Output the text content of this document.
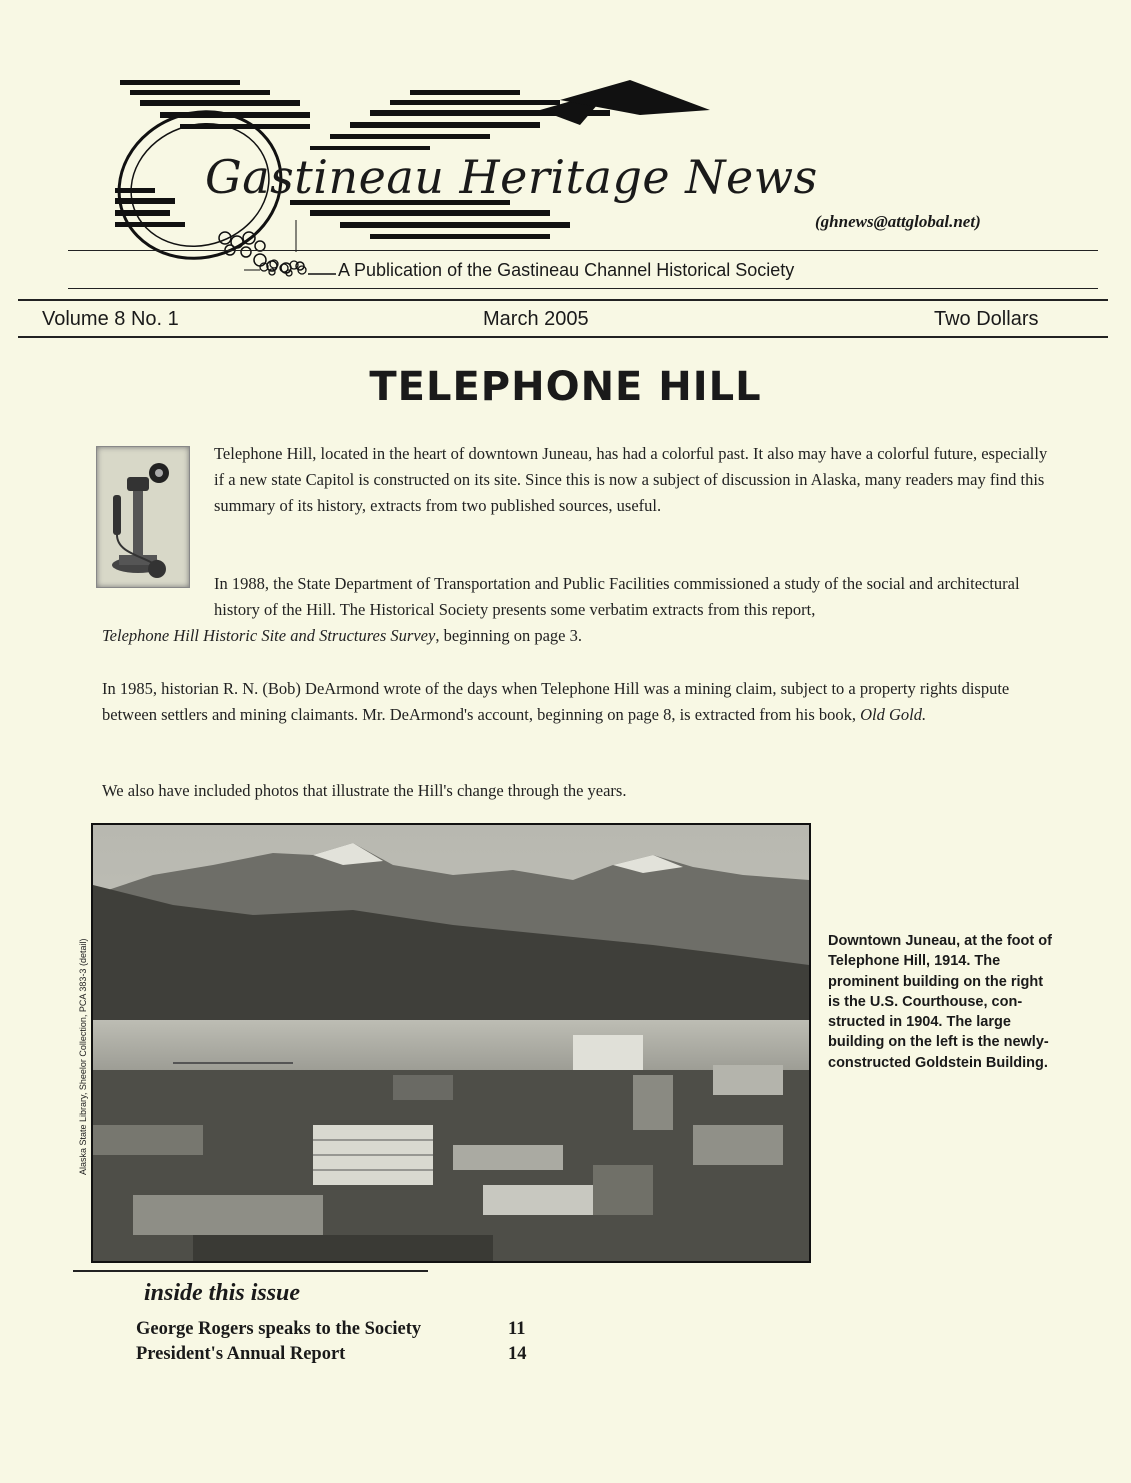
Gastineau Heritage News
(ghnews@attglobal.net)
A Publication of the Gastineau Channel Historical Society
Volume 8 No. 1	March 2005	Two Dollars
TELEPHONE HILL
Telephone Hill, located in the heart of downtown Juneau, has had a colorful past. It also may have a colorful future, especially if a new state Capitol is constructed on its site. Since this is now a subject of discussion in Alaska, many readers may find this summary of its history, extracts from two published sources, useful.
In 1988, the State Department of Transportation and Public Facilities commissioned a study of the social and architectural history of the Hill. The Historical Society presents some verbatim extracts from this report,
Telephone Hill Historic Site and Structures Survey, beginning on page 3.
In 1985, historian R. N. (Bob) DeArmond wrote of the days when Telephone Hill was a mining claim, subject to a property rights dispute between settlers and mining claimants. Mr. DeArmond's account, beginning on page 8, is extracted from his book, Old Gold.
We also have included photos that illustrate the Hill's change through the years.
Alaska State Library, Sheelor Collection, PCA 383-3 (detail)	Downtown Juneau, at the foot of Telephone Hill, 1914. The prominent building on the right is the U.S. Courthouse, con-structed in 1904. The large building on the left is the newly-constructed Goldstein Building.
inside this issue
George Rogers speaks to the Society	11
President's Annual Report	14
